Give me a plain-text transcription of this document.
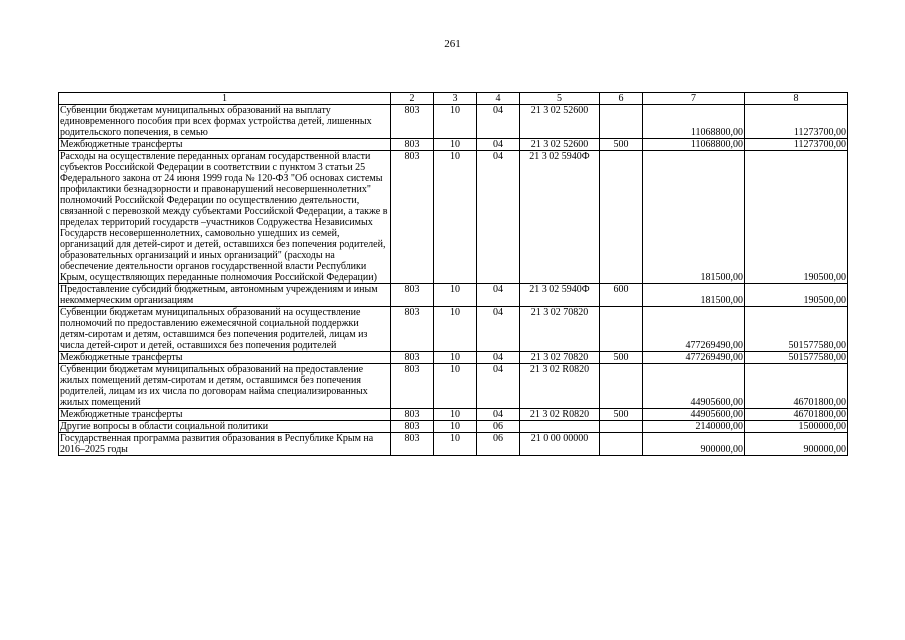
261
1	2	3	4	5	6	7	8
Субвенции бюджетам муниципальных образований на выплату единовременного пособия при всех формах устройства детей, лишенных родительского попечения, в семью	803	10	04	21 3 02 52600		11068800,00	11273700,00
Межбюджетные трансферты	803	10	04	21 3 02 52600	500	11068800,00	11273700,00
Расходы на осуществление переданных органам государственной власти субъектов Российской Федерации в соответствии с пунктом 3 статьи 25 Федерального закона от 24 июня 1999 года № 120-ФЗ "Об основах системы профилактики безнадзорности и правонарушений несовершеннолетних" полномочий Российской Федерации по осуществлению деятельности, связанной с перевозкой между субъектами Российской Федерации, а также в пределах территорий государств –участников Содружества Независимых Государств несовершеннолетних, самовольно ушедших из семей, организаций для детей-сирот и детей, оставшихся без попечения родителей, образовательных организаций и иных организаций" (расходы на обеспечение деятельности органов государственной власти Республики Крым, осуществляющих переданные полномочия Российской Федерации)	803	10	04	21 3 02 5940Ф		181500,00	190500,00
Предоставление субсидий бюджетным, автономным учреждениям и иным некоммерческим организациям	803	10	04	21 3 02 5940Ф	600	181500,00	190500,00
Субвенции бюджетам муниципальных образований на осуществление полномочий по предоставлению ежемесячной социальной поддержки детям-сиротам и детям, оставшимся без попечения родителей, лицам из числа детей-сирот и детей, оставшихся без попечения родителей	803	10	04	21 3 02 70820		477269490,00	501577580,00
Межбюджетные трансферты	803	10	04	21 3 02 70820	500	477269490,00	501577580,00
Субвенции бюджетам муниципальных образований на предоставление жилых помещений детям-сиротам и детям, оставшимся без попечения родителей, лицам из их числа по договорам найма специализированных жилых помещений	803	10	04	21 3 02 R0820		44905600,00	46701800,00
Межбюджетные трансферты	803	10	04	21 3 02 R0820	500	44905600,00	46701800,00
Другие вопросы в области социальной политики	803	10	06			2140000,00	1500000,00
Государственная программа развития образования в Республике Крым на 2016–2025 годы	803	10	06	21 0 00 00000		900000,00	900000,00
